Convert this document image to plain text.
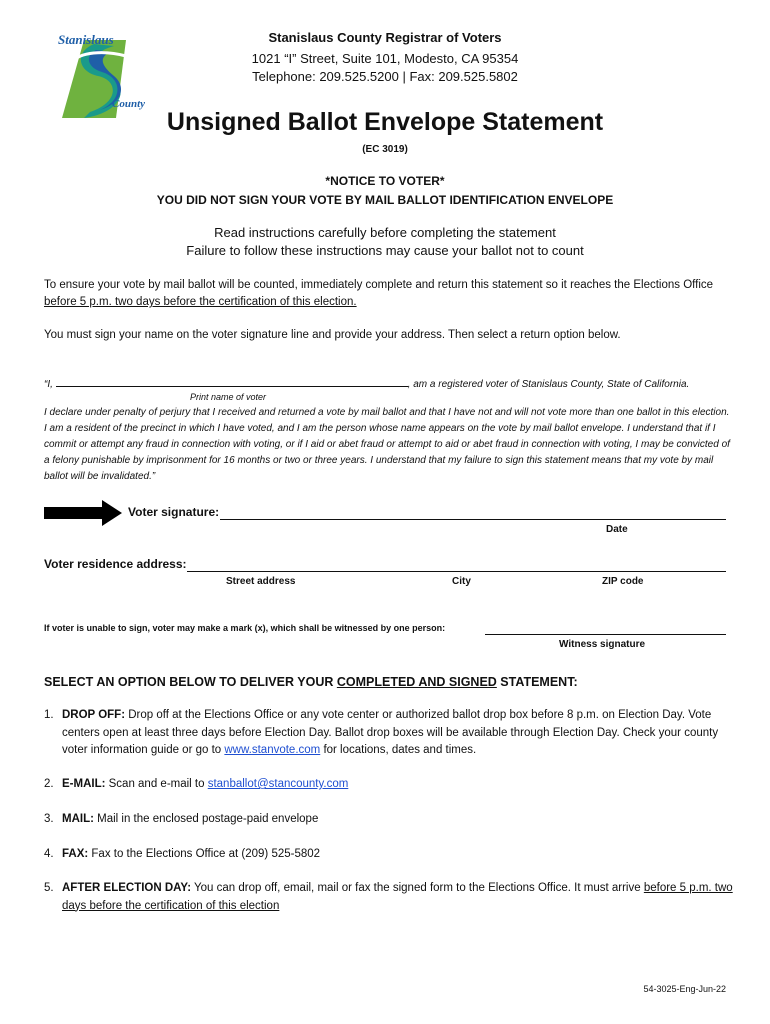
Stanislaus
County
Stanislaus County Registrar of Voters
1021 “I” Street, Suite 101, Modesto, CA 95354
Telephone: 209.525.5200 | Fax: 209.525.5802
Unsigned Ballot Envelope Statement
(EC 3019)
*NOTICE TO VOTER*
YOU DID NOT SIGN YOUR VOTE BY MAIL BALLOT IDENTIFICATION ENVELOPE
Read instructions carefully before completing the statement
Failure to follow these instructions may cause your ballot not to count
To ensure your vote by mail ballot will be counted, immediately complete and return this statement so it reaches the Elections Office before 5 p.m. two days before the certification of this election.
You must sign your name on the voter signature line and provide your address. Then select a return option below.
“I,	, am a registered voter of Stanislaus County, State of California.
Print name of voter
I declare under penalty of perjury that I received and returned a vote by mail ballot and that I have not and will not vote more than one ballot in this election. I am a resident of the precinct in which I have voted, and I am the person whose name appears on the vote by mail ballot envelope. I understand that if I commit or attempt any fraud in connection with voting, or if I aid or abet fraud or attempt to aid or abet fraud in connection with voting, I may be convicted of a felony punishable by imprisonment for 16 months or two or three years. I understand that my failure to sign this statement means that my vote by mail ballot will be invalidated.”
Voter signature:
Date
Voter residence address:
Street address	City	ZIP code
If voter is unable to sign, voter may make a mark (x), which shall be witnessed by one person:
Witness signature
SELECT AN OPTION BELOW TO DELIVER YOUR COMPLETED AND SIGNED STATEMENT:
1. DROP OFF: Drop off at the Elections Office or any vote center or authorized ballot drop box before 8 p.m. on Election Day. Vote centers open at least three days before Election Day. Ballot drop boxes will be available through Election Day. Check your county voter information guide or go to www.stanvote.com for locations, dates and times.
2. E-MAIL: Scan and e-mail to stanballot@stancounty.com
3. MAIL: Mail in the enclosed postage-paid envelope
4. FAX: Fax to the Elections Office at (209) 525-5802
5. AFTER ELECTION DAY: You can drop off, email, mail or fax the signed form to the Elections Office. It must arrive before 5 p.m. two days before the certification of this election
54-3025-Eng-Jun-22
